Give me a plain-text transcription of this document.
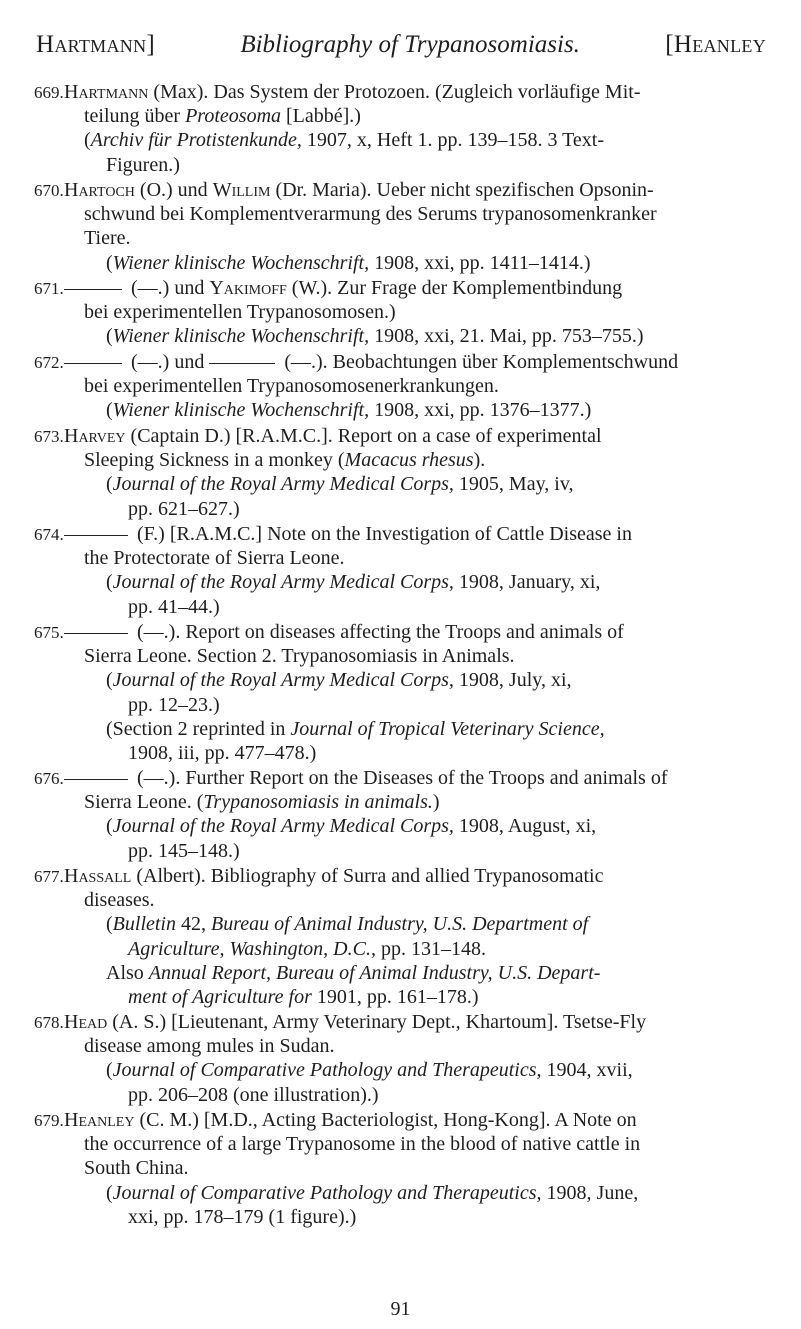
Hartmann]	Bibliography of Trypanosomiasis.	[Heanley
669. Hartmann (Max). Das System der Protozoen. (Zugleich vorläufige Mit-
teilung über Proteosoma [Labbé].)
(Archiv für Protistenkunde, 1907, x, Heft 1. pp. 139–158. 3 Text-
Figuren.)
670. Hartoch (O.) und Willim (Dr. Maria). Ueber nicht spezifischen Opsonin-
schwund bei Komplementverarmung des Serums trypanosomenkranker
Tiere.
(Wiener klinische Wochenschrift, 1908, xxi, pp. 1411–1414.)
671.	(—.) und Yakimoff (W.). Zur Frage der Komplementbindung
bei experimentellen Trypanosomosen.)
(Wiener klinische Wochenschrift, 1908, xxi, 21. Mai, pp. 753–755.)
672.	(—.) und	(—.). Beobachtungen über Komplementschwund
bei experimentellen Trypanosomosenerkrankungen.
(Wiener klinische Wochenschrift, 1908, xxi, pp. 1376–1377.)
673. Harvey (Captain D.) [R.A.M.C.]. Report on a case of experimental
Sleeping Sickness in a monkey (Macacus rhesus).
(Journal of the Royal Army Medical Corps, 1905, May, iv,
pp. 621–627.)
674.	(F.) [R.A.M.C.] Note on the Investigation of Cattle Disease in
the Protectorate of Sierra Leone.
(Journal of the Royal Army Medical Corps, 1908, January, xi,
pp. 41–44.)
675.	(—.). Report on diseases affecting the Troops and animals of
Sierra Leone. Section 2. Trypanosomiasis in Animals.
(Journal of the Royal Army Medical Corps, 1908, July, xi,
pp. 12–23.)
(Section 2 reprinted in Journal of Tropical Veterinary Science,
1908, iii, pp. 477–478.)
676.	(—.). Further Report on the Diseases of the Troops and animals of
Sierra Leone. (Trypanosomiasis in animals.)
(Journal of the Royal Army Medical Corps, 1908, August, xi,
pp. 145–148.)
677. Hassall (Albert). Bibliography of Surra and allied Trypanosomatic
diseases.
(Bulletin 42, Bureau of Animal Industry, U.S. Department of
Agriculture, Washington, D.C., pp. 131–148.
Also Annual Report, Bureau of Animal Industry, U.S. Depart-
ment of Agriculture for 1901, pp. 161–178.)
678. Head (A. S.) [Lieutenant, Army Veterinary Dept., Khartoum]. Tsetse-Fly
disease among mules in Sudan.
(Journal of Comparative Pathology and Therapeutics, 1904, xvii,
pp. 206–208 (one illustration).)
679. Heanley (C. M.) [M.D., Acting Bacteriologist, Hong-Kong]. A Note on
the occurrence of a large Trypanosome in the blood of native cattle in
South China.
(Journal of Comparative Pathology and Therapeutics, 1908, June,
xxi, pp. 178–179 (1 figure).)
91
